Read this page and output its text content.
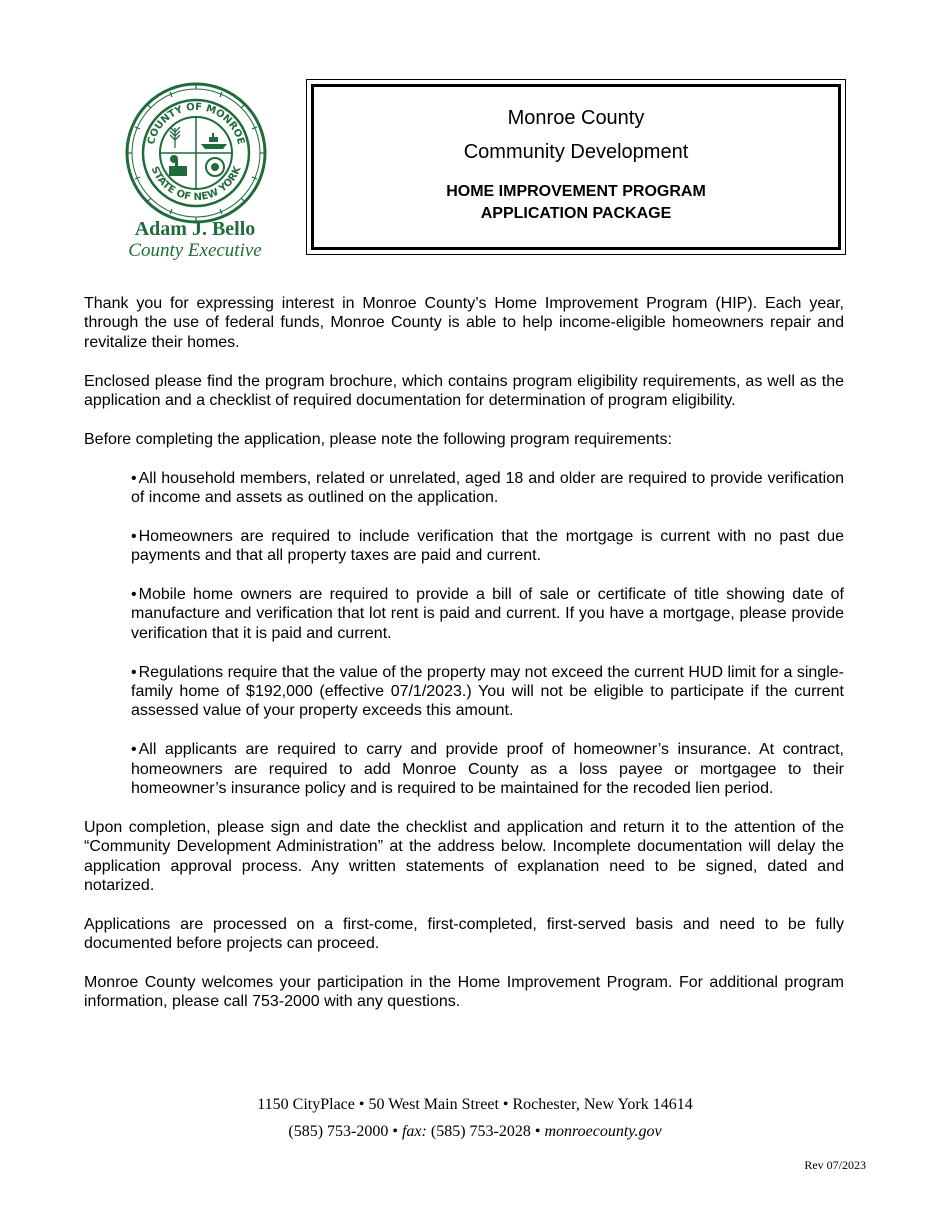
COUNTY OF MONROE
STATE OF NEW YORK
Adam J. Bello
County Executive
Monroe County
Community Development
HOME IMPROVEMENT PROGRAM
APPLICATION PACKAGE

Thank you for expressing interest in Monroe County’s Home Improvement Program (HIP). Each year, through the use of federal funds, Monroe County is able to help income-eligible homeowners repair and revitalize their homes.

Enclosed please find the program brochure, which contains program eligibility requirements, as well as the application and a checklist of required documentation for determination of program eligibility.

Before completing the application, please note the following program requirements:

• All household members, related or unrelated, aged 18 and older are required to provide verification of income and assets as outlined on the application.
• Homeowners are required to include verification that the mortgage is current with no past due payments and that all property taxes are paid and current.
• Mobile home owners are required to provide a bill of sale or certificate of title showing date of manufacture and verification that lot rent is paid and current. If you have a mortgage, please provide verification that it is paid and current.
• Regulations require that the value of the property may not exceed the current HUD limit for a single-family home of $192,000 (effective 07/1/2023.) You will not be eligible to participate if the current assessed value of your property exceeds this amount.
• All applicants are required to carry and provide proof of homeowner’s insurance. At contract, homeowners are required to add Monroe County as a loss payee or mortgagee to their homeowner’s insurance policy and is required to be maintained for the recoded lien period.

Upon completion, please sign and date the checklist and application and return it to the attention of the “Community Development Administration” at the address below. Incomplete documentation will delay the application approval process. Any written statements of explanation need to be signed, dated and notarized.

Applications are processed on a first-come, first-completed, first-served basis and need to be fully documented before projects can proceed.

Monroe County welcomes your participation in the Home Improvement Program. For additional program information, please call 753-2000 with any questions.

1150 CityPlace • 50 West Main Street • Rochester, New York 14614
(585) 753-2000 • fax: (585) 753-2028 • monroecounty.gov
Rev 07/2023
